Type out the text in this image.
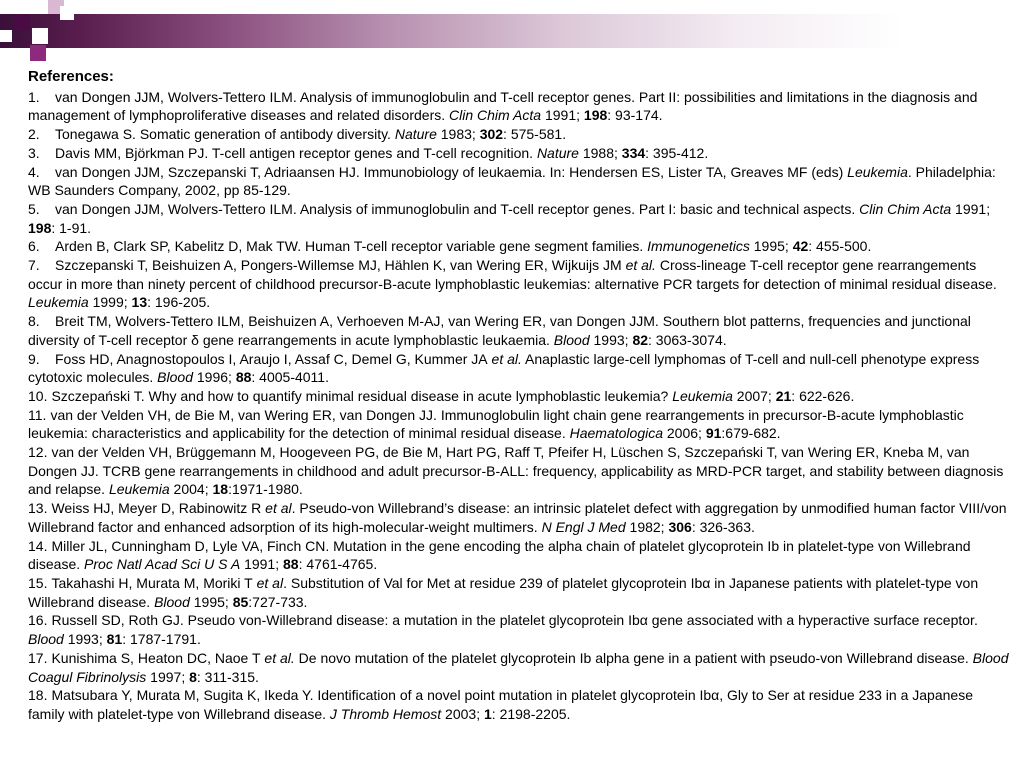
References:
1. van Dongen JJM, Wolvers-Tettero ILM. Analysis of immunoglobulin and T-cell receptor genes. Part II: possibilities and limitations in the diagnosis and management of lymphoproliferative diseases and related disorders. Clin Chim Acta 1991; 198: 93-174.
2. Tonegawa S. Somatic generation of antibody diversity. Nature 1983; 302: 575-581.
3. Davis MM, Björkman PJ. T-cell antigen receptor genes and T-cell recognition. Nature 1988; 334: 395-412.
4. van Dongen JJM, Szczepanski T, Adriaansen HJ. Immunobiology of leukaemia. In: Hendersen ES, Lister TA, Greaves MF (eds) Leukemia. Philadelphia: WB Saunders Company, 2002, pp 85-129.
5. van Dongen JJM, Wolvers-Tettero ILM. Analysis of immunoglobulin and T-cell receptor genes. Part I: basic and technical aspects. Clin Chim Acta 1991; 198: 1-91.
6. Arden B, Clark SP, Kabelitz D, Mak TW. Human T-cell receptor variable gene segment families. Immunogenetics 1995; 42: 455-500.
7. Szczepanski T, Beishuizen A, Pongers-Willemse MJ, Hählen K, van Wering ER, Wijkuijs JM et al. Cross-lineage T-cell receptor gene rearrangements occur in more than ninety percent of childhood precursor-B-acute lymphoblastic leukemias: alternative PCR targets for detection of minimal residual disease. Leukemia 1999; 13: 196-205.
8. Breit TM, Wolvers-Tettero ILM, Beishuizen A, Verhoeven M-AJ, van Wering ER, van Dongen JJM. Southern blot patterns, frequencies and junctional diversity of T-cell receptor δ gene rearrangements in acute lymphoblastic leukaemia. Blood 1993; 82: 3063-3074.
9. Foss HD, Anagnostopoulos I, Araujo I, Assaf C, Demel G, Kummer JA et al. Anaplastic large-cell lymphomas of T-cell and null-cell phenotype express cytotoxic molecules. Blood 1996; 88: 4005-4011.
10. Szczepański T. Why and how to quantify minimal residual disease in acute lymphoblastic leukemia? Leukemia 2007; 21: 622-626.
11. van der Velden VH, de Bie M, van Wering ER, van Dongen JJ. Immunoglobulin light chain gene rearrangements in precursor-B-acute lymphoblastic leukemia: characteristics and applicability for the detection of minimal residual disease. Haematologica 2006; 91:679-682.
12. van der Velden VH, Brüggemann M, Hoogeveen PG, de Bie M, Hart PG, Raff T, Pfeifer H, Lüschen S, Szczepański T, van Wering ER, Kneba M, van Dongen JJ. TCRB gene rearrangements in childhood and adult precursor-B-ALL: frequency, applicability as MRD-PCR target, and stability between diagnosis and relapse. Leukemia 2004; 18:1971-1980.
13. Weiss HJ, Meyer D, Rabinowitz R et al. Pseudo-von Willebrand’s disease: an intrinsic platelet defect with aggregation by unmodified human factor VIII/von Willebrand factor and enhanced adsorption of its high-molecular-weight multimers. N Engl J Med 1982; 306: 326-363.
14. Miller JL, Cunningham D, Lyle VA, Finch CN. Mutation in the gene encoding the alpha chain of platelet glycoprotein Ib in platelet-type von Willebrand disease. Proc Natl Acad Sci U S A 1991; 88: 4761-4765.
15. Takahashi H, Murata M, Moriki T et al. Substitution of Val for Met at residue 239 of platelet glycoprotein Ibα in Japanese patients with platelet-type von Willebrand disease. Blood 1995; 85:727-733.
16. Russell SD, Roth GJ. Pseudo von-Willebrand disease: a mutation in the platelet glycoprotein Ibα gene associated with a hyperactive surface receptor. Blood 1993; 81: 1787-1791.
17. Kunishima S, Heaton DC, Naoe T et al. De novo mutation of the platelet glycoprotein Ib alpha gene in a patient with pseudo-von Willebrand disease. Blood Coagul Fibrinolysis 1997; 8: 311-315.
18. Matsubara Y, Murata M, Sugita K, Ikeda Y. Identification of a novel point mutation in platelet glycoprotein Ibα, Gly to Ser at residue 233 in a Japanese family with platelet-type von Willebrand disease. J Thromb Hemost 2003; 1: 2198-2205.
